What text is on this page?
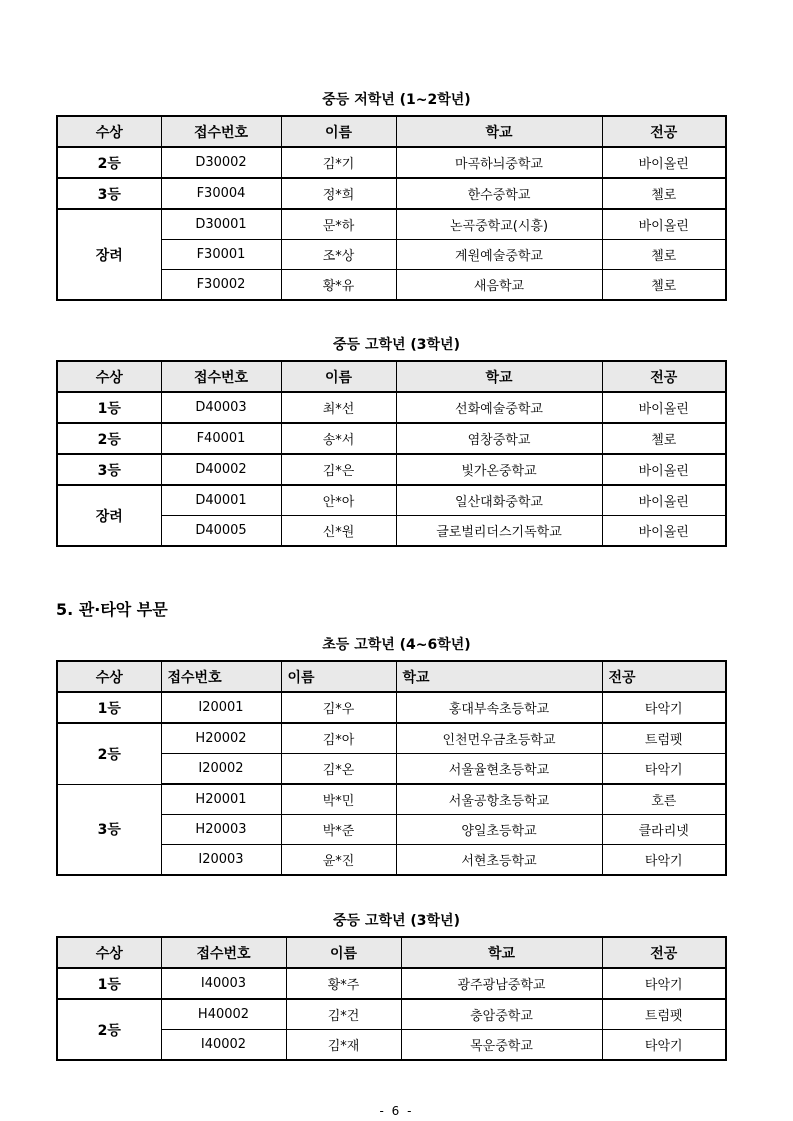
중등 저학년 (1~2학년)
수상	접수번호	이름	학교	전공
2등	D30002	김*기	마곡하늬중학교	바이올린
3등	F30004	정*희	한수중학교	첼로
장려	D30001	문*하	논곡중학교(시흥)	바이올린
	F30001	조*상	계원예술중학교	첼로
	F30002	황*유	새음학교	첼로
중등 고학년 (3학년)
수상	접수번호	이름	학교	전공
1등	D40003	최*선	선화예술중학교	바이올린
2등	F40001	송*서	염창중학교	첼로
3등	D40002	김*은	빛가온중학교	바이올린
장려	D40001	안*아	일산대화중학교	바이올린
	D40005	신*원	글로벌리더스기독학교	바이올린
5. 관·타악 부문
초등 고학년 (4~6학년)
수상	접수번호	이름	학교	전공
1등	I20001	김*우	홍대부속초등학교	타악기
2등	H20002	김*아	인천먼우금초등학교	트럼펫
	I20002	김*온	서울율현초등학교	타악기
3등	H20001	박*민	서울공항초등학교	호른
	H20003	박*준	양일초등학교	클라리넷
	I20003	윤*진	서현초등학교	타악기
중등 고학년 (3학년)
수상	접수번호	이름	학교	전공
1등	I40003	황*주	광주광남중학교	타악기
2등	H40002	김*건	충암중학교	트럼펫
	I40002	김*재	목운중학교	타악기
- 6 -
